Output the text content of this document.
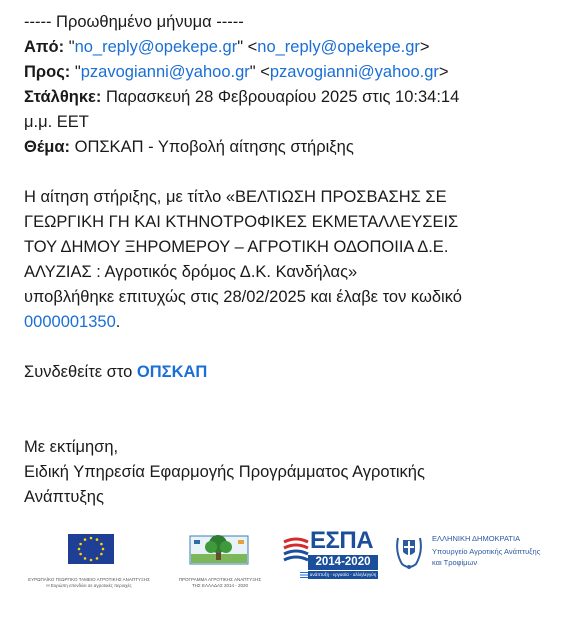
----- Προωθημένο μήνυμα -----
Από: "no_reply@opekepe.gr" <no_reply@opekepe.gr>
Προς: "pzavogianni@yahoo.gr" <pzavogianni@yahoo.gr>
Στάλθηκε: Παρασκευή 28 Φεβρουαρίου 2025 στις 10:34:14
μ.μ. EET
Θέμα: ΟΠΣΚΑΠ - Υποβολή αίτησης στήριξης
Η αίτηση στήριξης, με τίτλο «ΒΕΛΤΙΩΣΗ ΠΡΟΣΒΑΣΗΣ ΣΕ
ΓΕΩΡΓΙΚΗ ΓΗ ΚΑΙ ΚΤΗΝΟΤΡΟΦΙΚΕΣ ΕΚΜΕΤΑΛΛΕΥΣΕΙΣ
ΤΟΥ ΔΗΜΟΥ ΞΗΡΟΜΕΡΟΥ – ΑΓΡΟΤΙΚΗ ΟΔΟΠΟΙΙΑ Δ.Ε.
ΑΛΥΖΙΑΣ : Αγροτικός δρόμος Δ.Κ. Κανδήλας»
υποβλήθηκε επιτυχώς στις 28/02/2025 και έλαβε τον κωδικό
0000001350.
Συνδεθείτε στο ΟΠΣΚΑΠ
Με εκτίμηση,
Ειδική Υπηρεσία Εφαρμογής Προγράμματος Αγροτικής
Ανάπτυξης
ΕΥΡΩΠΑΪΚΟ ΓΕΩΡΓΙΚΟ ΤΑΜΕΙΟ ΑΓΡΟΤΙΚΗΣ ΑΝΑΠΤΥΞΗΣ
Η Ευρώπη επενδύει σε αγροτικές περιοχές
ΠΡΟΓΡΑΜΜΑ ΑΓΡΟΤΙΚΗΣ ΑΝΑΠΤΥΞΗΣ
ΤΗΣ ΕΛΛΑΔΑΣ 2014 - 2020
ΕΣΠΑ
2014-2020
ανάπτυξη - εργασία - αλληλεγγύη
ΕΛΛΗΝΙΚΗ ΔΗΜΟΚΡΑΤΙΑ
Υπουργείο Αγροτικής Ανάπτυξης
και Τροφίμων
